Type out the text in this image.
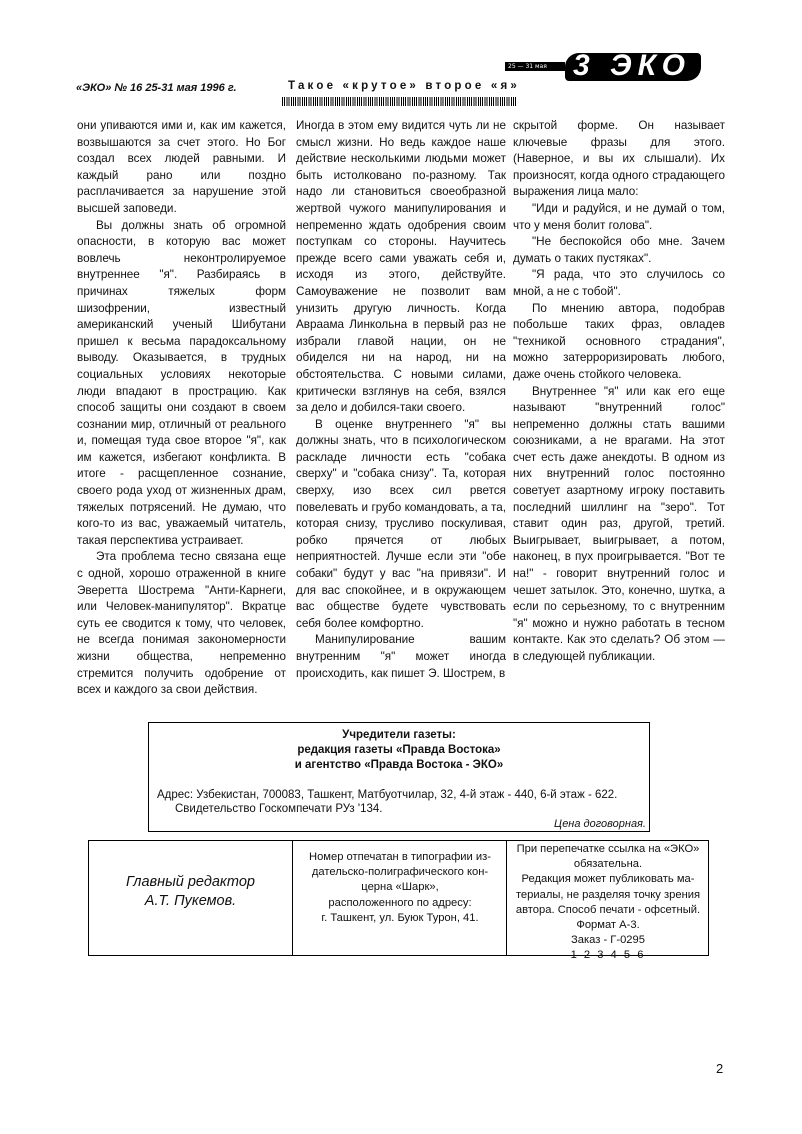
25 — 31 мая 3 ЭКО
«ЭКО» № 16 25-31 мая 1996 г.	Такое «крутое» второе «я»

они упиваются ими и, как им кажется, возвышаются за счет этого. Но Бог создал всех людей равными. И каждый рано или поздно расплачивается за нарушение этой высшей заповеди.

Вы должны знать об огромной опасности, в которую вас может вовлечь неконтролируемое внутреннее "я". Разбираясь в причинах тяжелых форм шизофрении, известный американский ученый Шибутани пришел к весьма парадоксальному выводу. Оказывается, в трудных социальных условиях некоторые люди впадают в прострацию. Как способ защиты они создают в своем сознании мир, отличный от реального и, помещая туда свое второе "я", как им кажется, избегают конфликта. В итоге - расщепленное сознание, своего рода уход от жизненных драм, тяжелых потрясений. Не думаю, что кого-то из вас, уважаемый читатель, такая перспектива устраивает.

Эта проблема тесно связана еще с одной, хорошо отраженной в книге Эверетта Шострема "Анти-Карнеги, или Человек-манипулятор". Вкратце суть ее сводится к тому, что человек, не всегда понимая закономерности жизни общества, непременно стремится получить одобрение от всех и каждого за свои действия.

Иногда в этом ему видится чуть ли не смысл жизни. Но ведь каждое наше действие несколькими людьми может быть истолковано по-разному. Так надо ли становиться своеобразной жертвой чужого манипулирования и непременно ждать одобрения своим поступкам со стороны. Научитесь прежде всего сами уважать себя и, исходя из этого, действуйте. Самоуважение не позволит вам унизить другую личность. Когда Авраама Линкольна в первый раз не избрали главой нации, он не обиделся ни на народ, ни на обстоятельства. С новыми силами, критически взглянув на себя, взялся за дело и добился-таки своего.

В оценке внутреннего "я" вы должны знать, что в психологическом раскладе личности есть "собака сверху" и "собака снизу". Та, которая сверху, изо всех сил рвется повелевать и грубо командовать, а та, которая снизу, трусливо поскуливая, робко прячется от любых неприятностей. Лучше если эти "обе собаки" будут у вас "на привязи". И для вас спокойнее, и в окружающем вас обществе будете чувствовать себя более комфортно.

Манипулирование вашим внутренним "я" может иногда происходить, как пишет Э. Шострем, в

скрытой форме. Он называет ключевые фразы для этого. (Наверное, и вы их слышали). Их произносят, когда одного страдающего выражения лица мало:

"Иди и радуйся, и не думай о том, что у меня болит голова".

"Не беспокойся обо мне. Зачем думать о таких пустяках".

"Я рада, что это случилось со мной, а не с тобой".

По мнению автора, подобрав побольше таких фраз, овладев "техникой основного страдания", можно затерроризировать любого, даже очень стойкого человека.

Внутреннее "я" или как его еще называют "внутренний голос" непременно должны стать вашими союзниками, а не врагами. На этот счет есть даже анекдоты. В одном из них внутренний голос постоянно советует азартному игроку поставить последний шиллинг на "зеро". Тот ставит один раз, другой, третий. Выигрывает, выигрывает, а потом, наконец, в пух проигрывается. "Вот те на!" - говорит внутренний голос и чешет затылок. Это, конечно, шутка, а если по серьезному, то с внутренним "я" можно и нужно работать в тесном контакте. Как это сделать? Об этом — в следующей публикации.

Учредители газеты:
редакция газеты «Правда Востока»
и агентство «Правда Востока - ЭКО»
Адрес: Узбекистан, 700083, Ташкент, Матбуотчилар, 32, 4-й этаж - 440, 6-й этаж - 622.
Свидетельство Госкомпечати РУз '134.
Цена договорная.
Главный редактор
А.Т. Пукемов.
Номер отпечатан в типографии из-
дательско-полиграфического кон-
церна «Шарк»,
расположенного по адресу:
г. Ташкент, ул. Буюк Турон, 41.
При перепечатке ссылка на «ЭКО»
обязательна.
Редакция может публиковать ма-
териалы, не разделяя точку зрения
автора. Способ печати - офсетный.
Формат А-3.
Заказ - Г-0295
1 2 3 4 5 6
2
